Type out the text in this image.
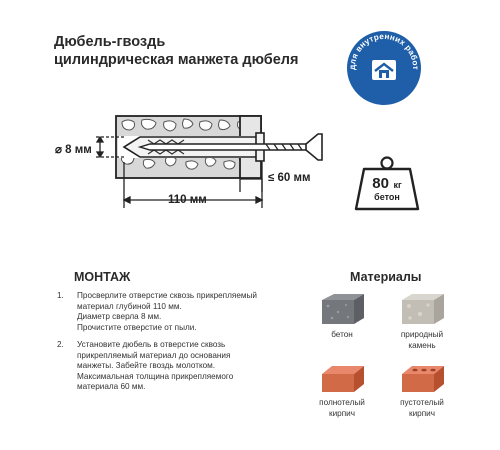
Дюбель-гвоздь
цилиндрическая манжета дюбеля	для внутренних работ
⌀ 8 мм
110 мм
≤ 60 мм	80 кг
бетон
МОНТАЖ
1. Просверлите отверстие сквозь прикрепляемый
материал глубиной 110 мм.
Диаметр сверла 8 мм.
Прочистите отверстие от пыли.
2. Установите дюбель в отверстие сквозь
прикрепляемый материал до основания
манжеты. Забейте гвоздь молотком.
Максимальная толщина прикрепляемого
материала 60 мм.
Материалы
бетон	природный
камень
полнотелый
кирпич
пустотелый
кирпич
